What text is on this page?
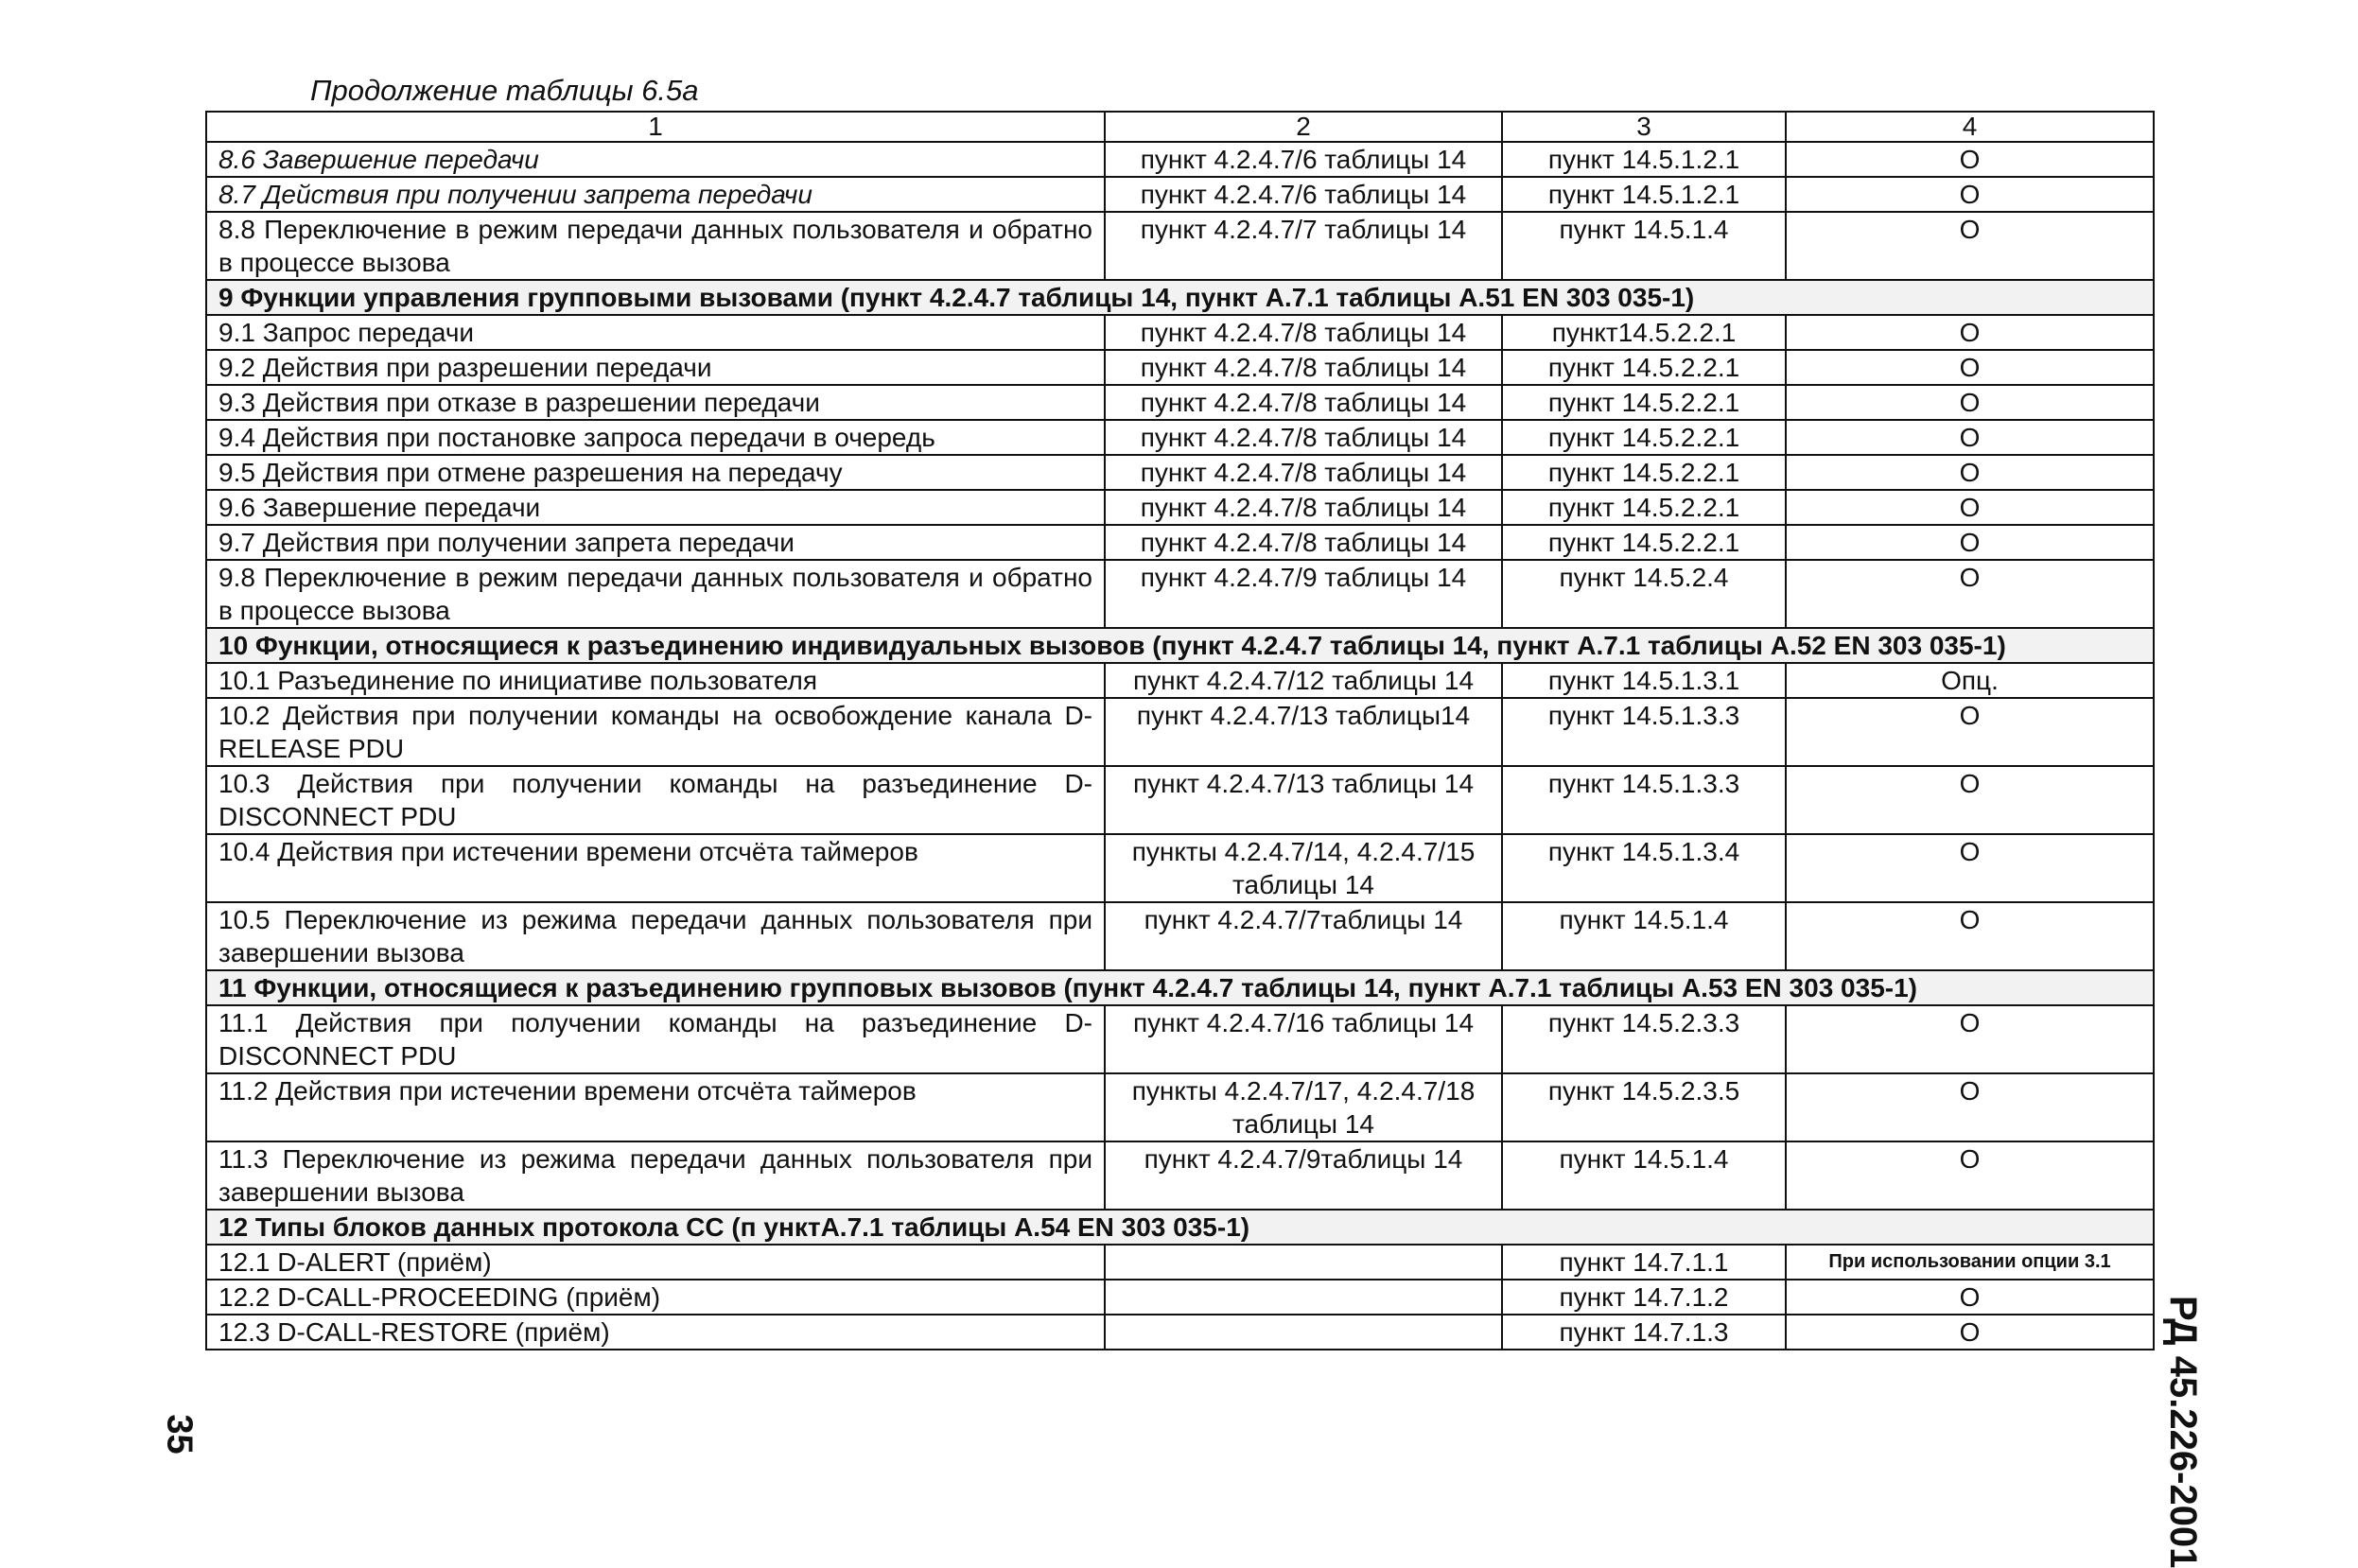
Продолжение таблицы 6.5а
1	2	3	4
8.6 Завершение передачи	пункт 4.2.4.7/6 таблицы 14	пункт 14.5.1.2.1	O
8.7 Действия при получении запрета передачи	пункт 4.2.4.7/6 таблицы 14	пункт 14.5.1.2.1	O
8.8 Переключение в режим передачи данных пользователя и обратно в процессе вызова	пункт 4.2.4.7/7 таблицы 14	пункт 14.5.1.4	O
9 Функции управления групповыми вызовами (пункт 4.2.4.7 таблицы 14, пункт А.7.1 таблицы А.51 EN 303 035-1)			
9.1 Запрос передачи	пункт 4.2.4.7/8 таблицы 14	пункт14.5.2.2.1	O
9.2 Действия при разрешении передачи	пункт 4.2.4.7/8 таблицы 14	пункт 14.5.2.2.1	O
9.3 Действия при отказе в разрешении передачи	пункт 4.2.4.7/8 таблицы 14	пункт 14.5.2.2.1	O
9.4 Действия при постановке запроса передачи в очередь	пункт 4.2.4.7/8 таблицы 14	пункт 14.5.2.2.1	O
9.5 Действия при отмене разрешения на передачу	пункт 4.2.4.7/8 таблицы 14	пункт 14.5.2.2.1	O
9.6 Завершение передачи	пункт 4.2.4.7/8 таблицы 14	пункт 14.5.2.2.1	O
9.7 Действия при получении запрета передачи	пункт 4.2.4.7/8 таблицы 14	пункт 14.5.2.2.1	O
9.8 Переключение в режим передачи данных пользователя и обратно в процессе вызова	пункт 4.2.4.7/9 таблицы 14	пункт 14.5.2.4	O
10 Функции, относящиеся к разъединению индивидуальных вызовов (пункт 4.2.4.7 таблицы 14, пункт А.7.1 таблицы А.52 EN 303 035-1)			
10.1 Разъединение по инициативе пользователя	пункт 4.2.4.7/12 таблицы 14	пункт 14.5.1.3.1	Опц.
10.2 Действия при получении команды на освобождение канала D-RELEASE PDU	пункт 4.2.4.7/13 таблицы14	пункт 14.5.1.3.3	O
10.3 Действия при получении команды на разъединение D-DISCONNECT PDU	пункт 4.2.4.7/13 таблицы 14	пункт 14.5.1.3.3	O
10.4 Действия при истечении времени отсчёта таймеров	пункты 4.2.4.7/14, 4.2.4.7/15 таблицы 14	пункт 14.5.1.3.4	O
10.5 Переключение из режима передачи данных пользователя при завершении вызова	пункт 4.2.4.7/7таблицы 14	пункт 14.5.1.4	O
11 Функции, относящиеся к разъединению групповых вызовов (пункт 4.2.4.7 таблицы 14, пункт А.7.1 таблицы А.53 EN 303 035-1)			
11.1 Действия при получении команды на разъединение D-DISCONNECT PDU	пункт 4.2.4.7/16 таблицы 14	пункт 14.5.2.3.3	O
11.2 Действия при истечении времени отсчёта таймеров	пункты 4.2.4.7/17, 4.2.4.7/18 таблицы 14	пункт 14.5.2.3.5	O
11.3 Переключение из режима передачи данных пользователя при завершении вызова	пункт 4.2.4.7/9таблицы 14	пункт 14.5.1.4	O
12 Типы блоков данных протокола СС (п унктА.7.1 таблицы А.54 EN 303 035-1)			
12.1 D-ALERT (приём)		пункт 14.7.1.1	При использовании опции 3.1
12.2 D-CALL-PROCEEDING (приём)		пункт 14.7.1.2	O
12.3 D-CALL-RESTORE (приём)		пункт 14.7.1.3	O
35	РД 45.226-2001
